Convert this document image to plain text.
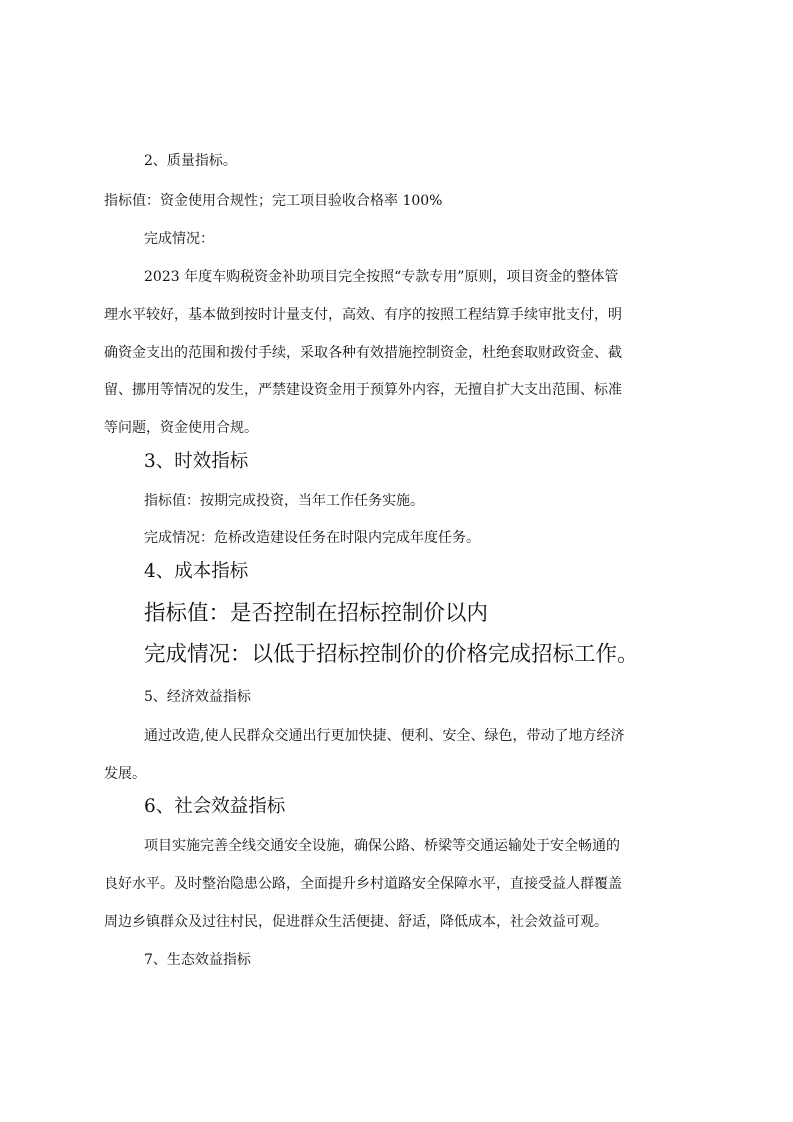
2、质量指标。

指标值：资金使用合规性；完工项目验收合格率 100%

完成情况：

2023 年度车购税资金补助项目完全按照“专款专用”原则，项目资金的整体管

理水平较好，基本做到按时计量支付，高效、有序的按照工程结算手续审批支付，明

确资金支出的范围和拨付手续，采取各种有效措施控制资金，杜绝套取财政资金、截

留、挪用等情况的发生，严禁建设资金用于预算外内容，无擅自扩大支出范围、标准

等问题，资金使用合规。

3、时效指标

指标值：按期完成投资，当年工作任务实施。

完成情况：危桥改造建设任务在时限内完成年度任务。

4、成本指标

指标值：是否控制在招标控制价以内

完成情况：以低于招标控制价的价格完成招标工作。

5、经济效益指标

通过改造,使人民群众交通出行更加快捷、便利、安全、绿色，带动了地方经济

发展。

6、社会效益指标

项目实施完善全线交通安全设施，确保公路、桥梁等交通运输处于安全畅通的

良好水平。及时整治隐患公路，全面提升乡村道路安全保障水平，直接受益人群覆盖

周边乡镇群众及过往村民，促进群众生活便捷、舒适，降低成本，社会效益可观。

7、生态效益指标
